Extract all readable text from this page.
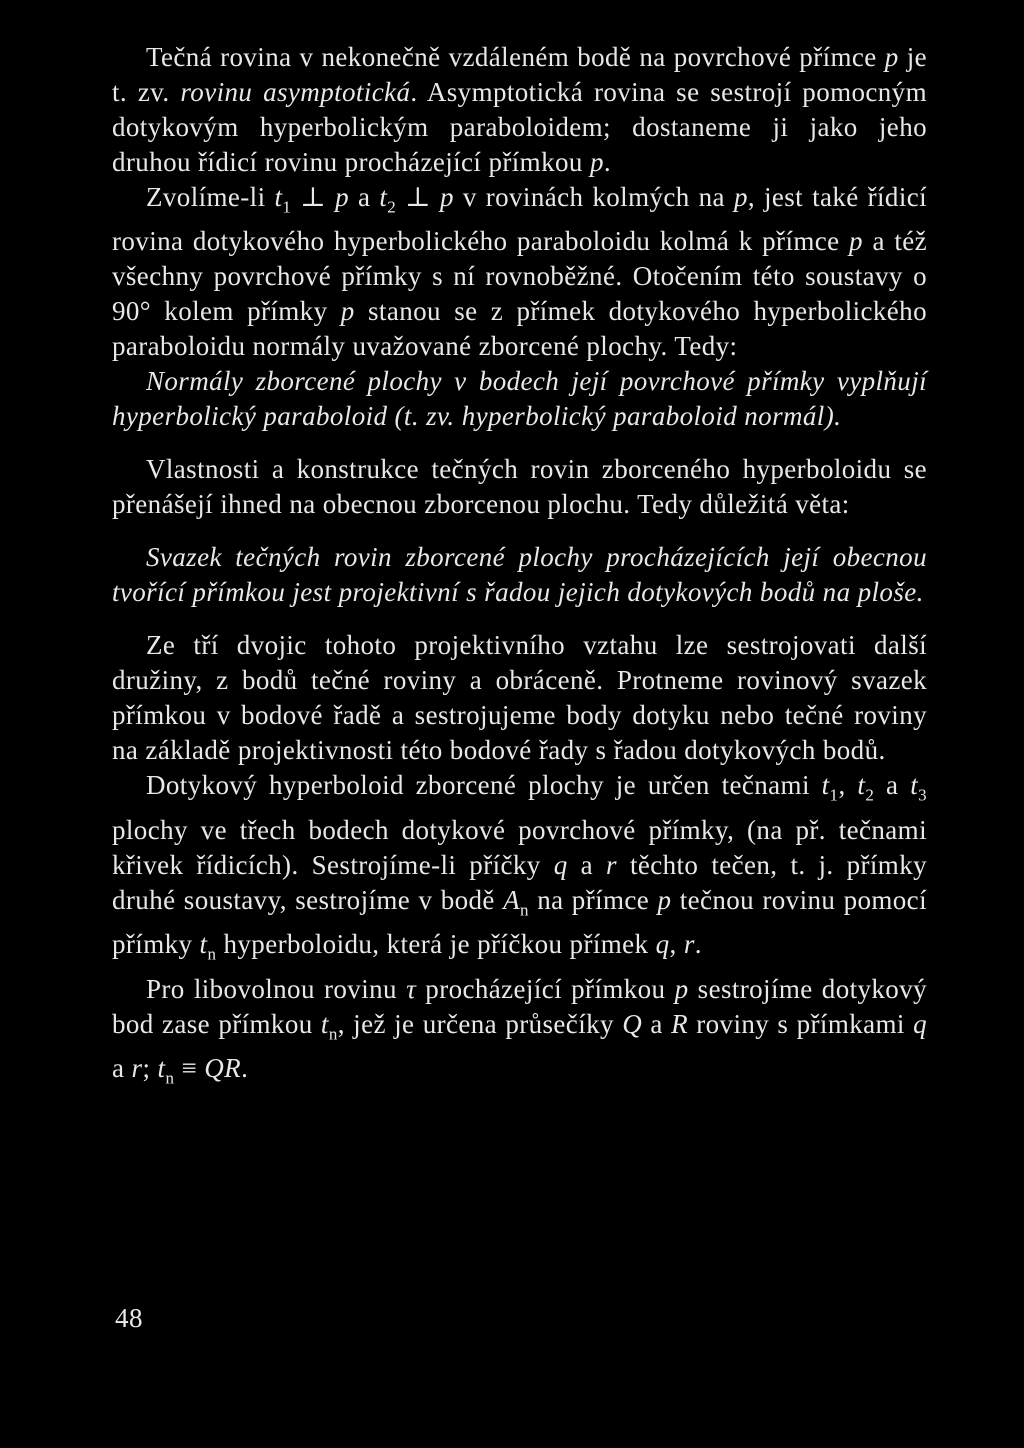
Tečná rovina v nekonečně vzdáleném bodě na povrchové přímce p je t. zv. rovinu asymptotická. Asymptotická rovina se sestrojí pomocným dotykovým hyperbolickým paraboloidem; dostaneme ji jako jeho druhou řídicí rovinu procházející přímkou p.

Zvolíme-li $t_1$ ⊥ p a $t_2$ ⊥ p v rovinách kolmých na p, jest také řídicí rovina dotykového hyperbolického paraboloidu kolmá k přímce p a též všechny povrchové přímky s ní rovnoběžné. Otočením této soustavy o 90° kolem přímky p stanou se z přímek dotykového hyperbolického paraboloidu normály uvažované zborcené plochy. Tedy:

Normály zborcené plochy v bodech její povrchové přímky vyplňují hyperbolický paraboloid (t. zv. hyperbolický paraboloid normál).

Vlastnosti a konstrukce tečných rovin zborceného hyperboloidu se přenášejí ihned na obecnou zborcenou plochu. Tedy důležitá věta:

Svazek tečných rovin zborcené plochy procházejících její obecnou tvořící přímkou jest projektivní s řadou jejich dotykových bodů na ploše.

Ze tří dvojic tohoto projektivního vztahu lze sestrojovati další družiny, z bodů tečné roviny a obráceně. Protneme rovinový svazek přímkou v bodové řadě a sestrojujeme body dotyku nebo tečné roviny na základě projektivnosti této bodové řady s řadou dotykových bodů.

Dotykový hyperboloid zborcené plochy je určen tečnami $t_1$, $t_2$ a $t_3$ plochy ve třech bodech dotykové povrchové přímky, (na př. tečnami křivek řídicích). Sestrojíme-li příčky q a r těchto tečen, t. j. přímky druhé soustavy, sestrojíme v bodě $A_n$ na přímce p tečnou rovinu pomocí přímky $t_n$ hyperboloidu, která je příčkou přímek q, r.

Pro libovolnou rovinu τ procházející přímkou p sestrojíme dotykový bod zase přímkou $t_n$, jež je určena průsečíky Q a R roviny s přímkami q a r; $t_n$ ≡ QR.

48
